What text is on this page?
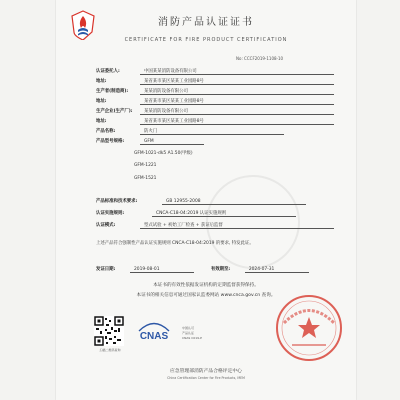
消防产品认证证书
CERTIFICATE FOR FIRE PRODUCT CERTIFICATION
No: CCCF2019-1108-10
认证委托人:	中国某某消防设备有限公司
地址:	某省某市某区某某工业园路8号
生产者(制造商):	某某消防设备有限公司
地址:	某省某市某区某某工业园路8号
生产企业(生产厂):	某某消防设备有限公司
地址:	某省某市某区某某工业园路8号
产品名称:	防火门
产品型号规格:	GFM
GFM-1021-dk5 A1.50(甲级)
GFM-1221
GFM-1521
产品标准和技术要求:	GB 12955-2008
认证实施规则:	CNCA-C18-04:2019 认证实施规则
认证模式:	型式试验 + 初始工厂检查 + 获证后监督
上述产品符合强制性产品认证实施规则 CNCA-C18-04:2019 的要求, 特发此证。
发证日期:	2019-08-01	有效期至:	2024-07-31
本证书的有效性依据发证机构的定期监督获得保持。
本证书的相关信息可通过国家认监委网站 www.cnca.gov.cn 查询。
扫描二维码查询
CNAS
中国认可
产品认证
CNAS C019-P
应急管理部消防产品合格评定中心
China Certification Center for Fire Products, MEM
